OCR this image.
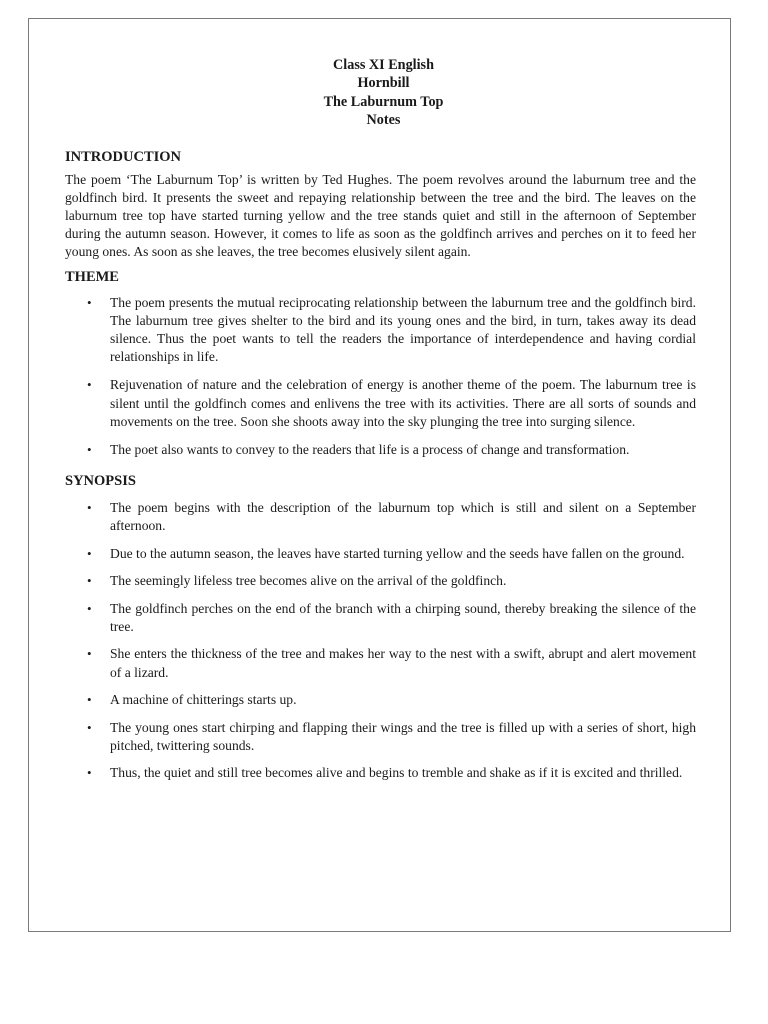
Class XI English
Hornbill
The Laburnum Top
Notes
INTRODUCTION

The poem ‘The Laburnum Top’ is written by Ted Hughes. The poem revolves around the laburnum tree and the goldfinch bird. It presents the sweet and repaying relationship between the tree and the bird. The leaves on the laburnum tree top have started turning yellow and the tree stands quiet and still in the afternoon of September during the autumn season. However, it comes to life as soon as the goldfinch arrives and perches on it to feed her young ones. As soon as she leaves, the tree becomes elusively silent again.

THEME
• The poem presents the mutual reciprocating relationship between the laburnum tree and the goldfinch bird. The laburnum tree gives shelter to the bird and its young ones and the bird, in turn, takes away its dead silence. Thus the poet wants to tell the readers the importance of interdependence and having cordial relationships in life.
• Rejuvenation of nature and the celebration of energy is another theme of the poem. The laburnum tree is silent until the goldfinch comes and enlivens the tree with its activities. There are all sorts of sounds and movements on the tree. Soon she shoots away into the sky plunging the tree into surging silence.
• The poet also wants to convey to the readers that life is a process of change and transformation.
SYNOPSIS
• The poem begins with the description of the laburnum top which is still and silent on a September afternoon.
• Due to the autumn season, the leaves have started turning yellow and the seeds have fallen on the ground.
• The seemingly lifeless tree becomes alive on the arrival of the goldfinch.
• The goldfinch perches on the end of the branch with a chirping sound, thereby breaking the silence of the tree.
• She enters the thickness of the tree and makes her way to the nest with a swift, abrupt and alert movement of a lizard.
• A machine of chitterings starts up.
• The young ones start chirping and flapping their wings and the tree is filled up with a series of short, high pitched, twittering sounds.
• Thus, the quiet and still tree becomes alive and begins to tremble and shake as if it is excited and thrilled.
